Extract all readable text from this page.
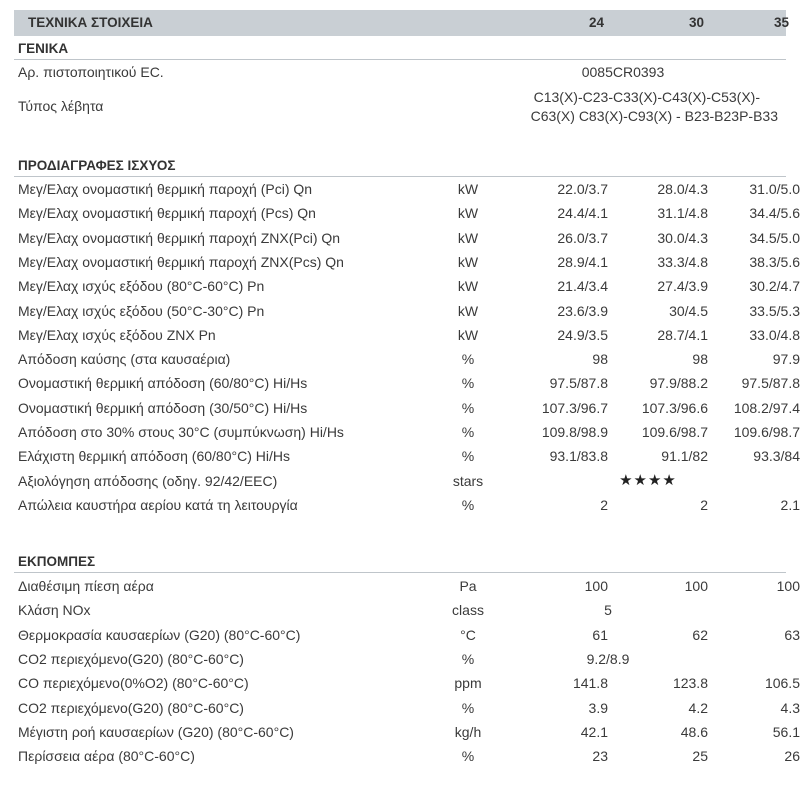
ΤΕΧΝΙΚΑ ΣΤΟΙΧΕΙΑ	24	30	35
ΓΕΝΙΚΑ
Αρ. πιστοποιητικού EC.	0085CR0393
Τύπος λέβητα
C13(X)-C23-C33(X)-C43(X)-C53(X)-
C63(X) C83(X)-C93(X) - B23-B23P-B33
ΠΡΟΔΙΑΓΡΑΦΕΣ ΙΣΧΥΟΣ
Μεγ/Ελαχ ονομαστική θερμική παροχή (Pci) Qn	kW	22.0/3.7	28.0/4.3	31.0/5.0
Μεγ/Ελαχ ονομαστική θερμική παροχή (Pcs) Qn	kW	24.4/4.1	31.1/4.8	34.4/5.6
Μεγ/Ελαχ ονομαστική θερμική παροχή ZNX(Pci) Qn	kW	26.0/3.7	30.0/4.3	34.5/5.0
Μεγ/Ελαχ ονομαστική θερμική παροχή ZNX(Pcs) Qn	kW	28.9/4.1	33.3/4.8	38.3/5.6
Μεγ/Ελαχ ισχύς εξόδου (80°C-60°C) Pn	kW	21.4/3.4	27.4/3.9	30.2/4.7
Μεγ/Ελαχ ισχύς εξόδου (50°C-30°C) Pn	kW	23.6/3.9	30/4.5	33.5/5.3
Μεγ/Ελαχ ισχύς εξόδου ZNX Pn	kW	24.9/3.5	28.7/4.1	33.0/4.8
Απόδοση καύσης (στα καυσαέρια)	%	98	98	97.9
Ονομαστική θερμική απόδοση (60/80°C) Hi/Hs	%	97.5/87.8	97.9/88.2	97.5/87.8
Ονομαστική θερμική απόδοση (30/50°C) Hi/Hs	%	107.3/96.7	107.3/96.6	108.2/97.4
Απόδοση στο 30% στους 30°C (συμπύκνωση) Hi/Hs	%	109.8/98.9	109.6/98.7	109.6/98.7
Ελάχιστη θερμική απόδοση (60/80°C) Hi/Hs	%	93.1/83.8	91.1/82	93.3/84
Αξιολόγηση απόδοσης (οδηγ. 92/42/EEC)	stars	★★★★
Απώλεια καυστήρα αερίου κατά τη λειτουργία	%	2	2	2.1
ΕΚΠΟΜΠΕΣ
Διαθέσιμη πίεση αέρα	Pa	100	100	100
Κλάση NOx	class	5
Θερμοκρασία καυσαερίων (G20) (80°C-60°C)	°C	61	62	63
CO2 περιεχόμενο(G20) (80°C-60°C)	%	9.2/8.9
CO περιεχόμενο(0%O2) (80°C-60°C)	ppm	141.8	123.8	106.5
CO2 περιεχόμενο(G20) (80°C-60°C)	%	3.9	4.2	4.3
Μέγιστη ροή καυσαερίων (G20) (80°C-60°C)	kg/h	42.1	48.6	56.1
Περίσσεια αέρα (80°C-60°C)	%	23	25	26
